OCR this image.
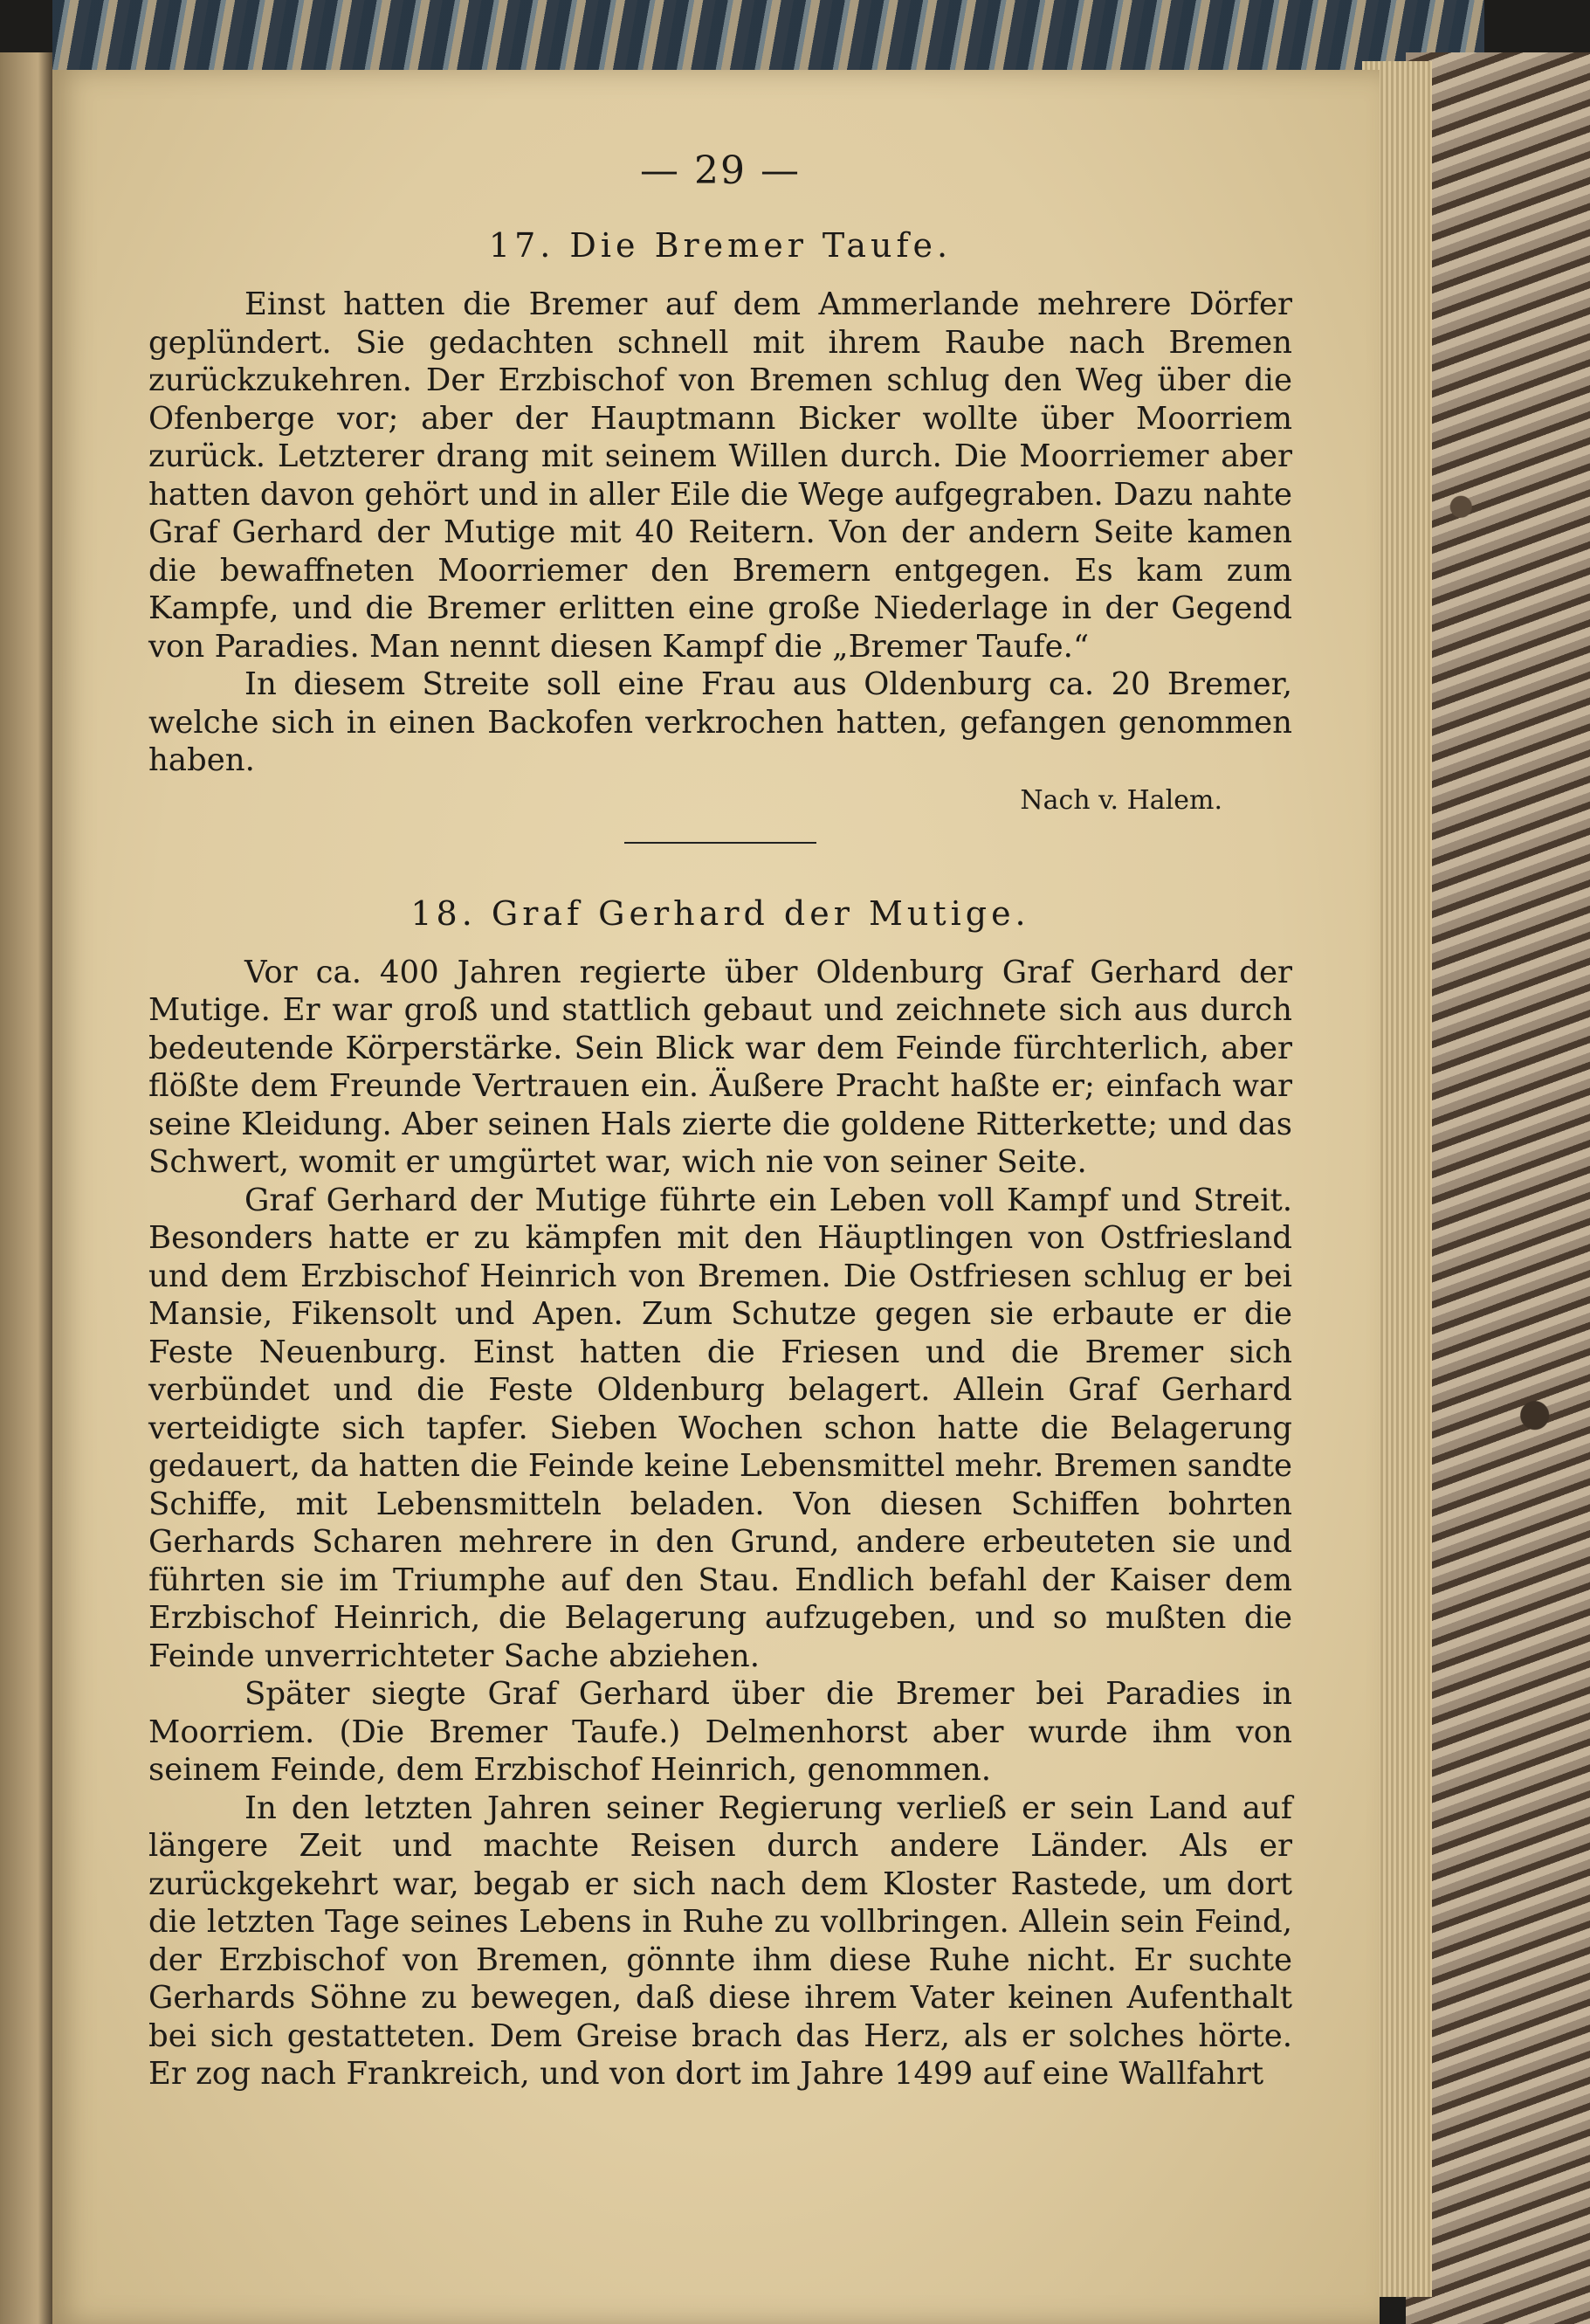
— 29 —
17. Die Bremer Taufe.

Einst hatten die Bremer auf dem Ammerlande mehrere Dörfer geplündert. Sie gedachten schnell mit ihrem Raube nach Bremen zurückzukehren. Der Erzbischof von Bremen schlug den Weg über die Ofenberge vor; aber der Hauptmann Bicker wollte über Moorriem zurück. Letzterer drang mit seinem Willen durch. Die Moorriemer aber hatten davon gehört und in aller Eile die Wege aufgegraben. Dazu nahte Graf Gerhard der Mutige mit 40 Reitern. Von der andern Seite kamen die bewaffneten Moorriemer den Bremern entgegen. Es kam zum Kampfe, und die Bremer erlitten eine große Niederlage in der Gegend von Paradies. Man nennt diesen Kampf die „Bremer Taufe.“

In diesem Streite soll eine Frau aus Oldenburg ca. 20 Bremer, welche sich in einen Backofen verkrochen hatten, gefangen genommen haben.

Nach v. Halem.
18. Graf Gerhard der Mutige.

Vor ca. 400 Jahren regierte über Oldenburg Graf Gerhard der Mutige. Er war groß und stattlich gebaut und zeichnete sich aus durch bedeutende Körperstärke. Sein Blick war dem Feinde fürchterlich, aber flößte dem Freunde Vertrauen ein. Äußere Pracht haßte er; einfach war seine Kleidung. Aber seinen Hals zierte die goldene Ritterkette; und das Schwert, womit er umgürtet war, wich nie von seiner Seite.

Graf Gerhard der Mutige führte ein Leben voll Kampf und Streit. Besonders hatte er zu kämpfen mit den Häuptlingen von Ostfriesland und dem Erzbischof Heinrich von Bremen. Die Ostfriesen schlug er bei Mansie, Fikensolt und Apen. Zum Schutze gegen sie erbaute er die Feste Neuenburg. Einst hatten die Friesen und die Bremer sich verbündet und die Feste Oldenburg belagert. Allein Graf Gerhard verteidigte sich tapfer. Sieben Wochen schon hatte die Belagerung gedauert, da hatten die Feinde keine Lebensmittel mehr. Bremen sandte Schiffe, mit Lebensmitteln beladen. Von diesen Schiffen bohrten Gerhards Scharen mehrere in den Grund, andere erbeuteten sie und führten sie im Triumphe auf den Stau. Endlich befahl der Kaiser dem Erzbischof Heinrich, die Belagerung aufzugeben, und so mußten die Feinde unverrichteter Sache abziehen.

Später siegte Graf Gerhard über die Bremer bei Paradies in Moorriem. (Die Bremer Taufe.) Delmenhorst aber wurde ihm von seinem Feinde, dem Erzbischof Heinrich, genommen.

In den letzten Jahren seiner Regierung verließ er sein Land auf längere Zeit und machte Reisen durch andere Länder. Als er zurückgekehrt war, begab er sich nach dem Kloster Rastede, um dort die letzten Tage seines Lebens in Ruhe zu vollbringen. Allein sein Feind, der Erzbischof von Bremen, gönnte ihm diese Ruhe nicht. Er suchte Gerhards Söhne zu bewegen, daß diese ihrem Vater keinen Aufenthalt bei sich gestatteten. Dem Greise brach das Herz, als er solches hörte. Er zog nach Frankreich, und von dort im Jahre 1499 auf eine Wallfahrt
